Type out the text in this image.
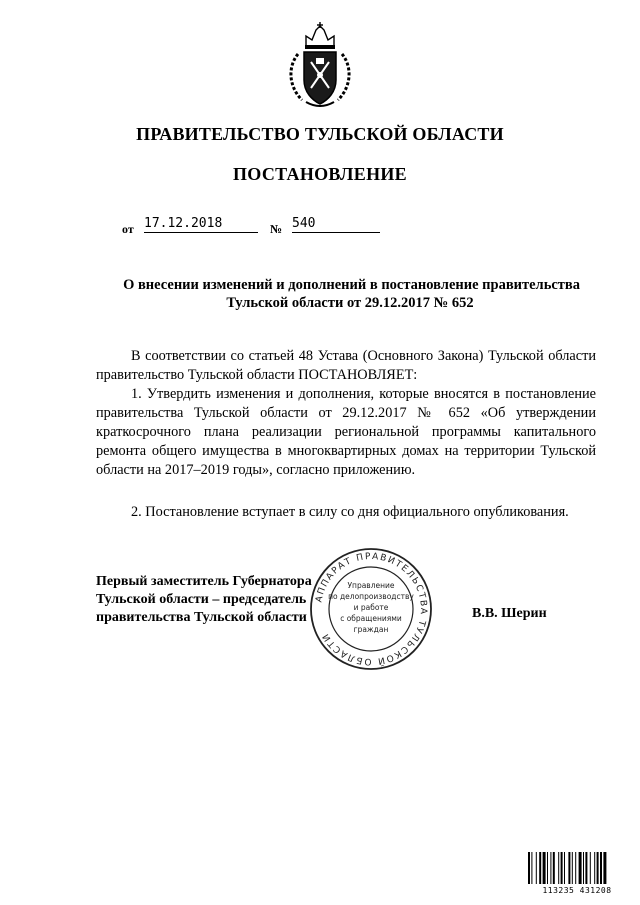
ПРАВИТЕЛЬСТВО ТУЛЬСКОЙ ОБЛАСТИ
ПОСТАНОВЛЕНИЕ
от 17.12.2018	№ 540
О внесении изменений и дополнений в постановление правительства
Тульской области от 29.12.2017 № 652
В соответствии со статьей 48 Устава (Основного Закона) Тульской области правительство Тульской области ПОСТАНОВЛЯЕТ:
1. Утвердить изменения и дополнения, которые вносятся в постановление правительства Тульской области от 29.12.2017 № 652 «Об утверждении краткосрочного плана реализации региональной программы капитального ремонта общего имущества в многоквартирных домах на территории Тульской области на 2017–2019 годы», согласно приложению.
2. Постановление вступает в силу со дня официального опубликования.
Первый заместитель Губернатора
Тульской области – председатель
правительства Тульской области	В.В. Шерин
АППАРАТ ПРАВИТЕЛЬСТВА ТУЛЬСКОЙ ОБЛАСТИ
Управление
по делопроизводству
и работе
с обращениями
граждан
113235 431208
